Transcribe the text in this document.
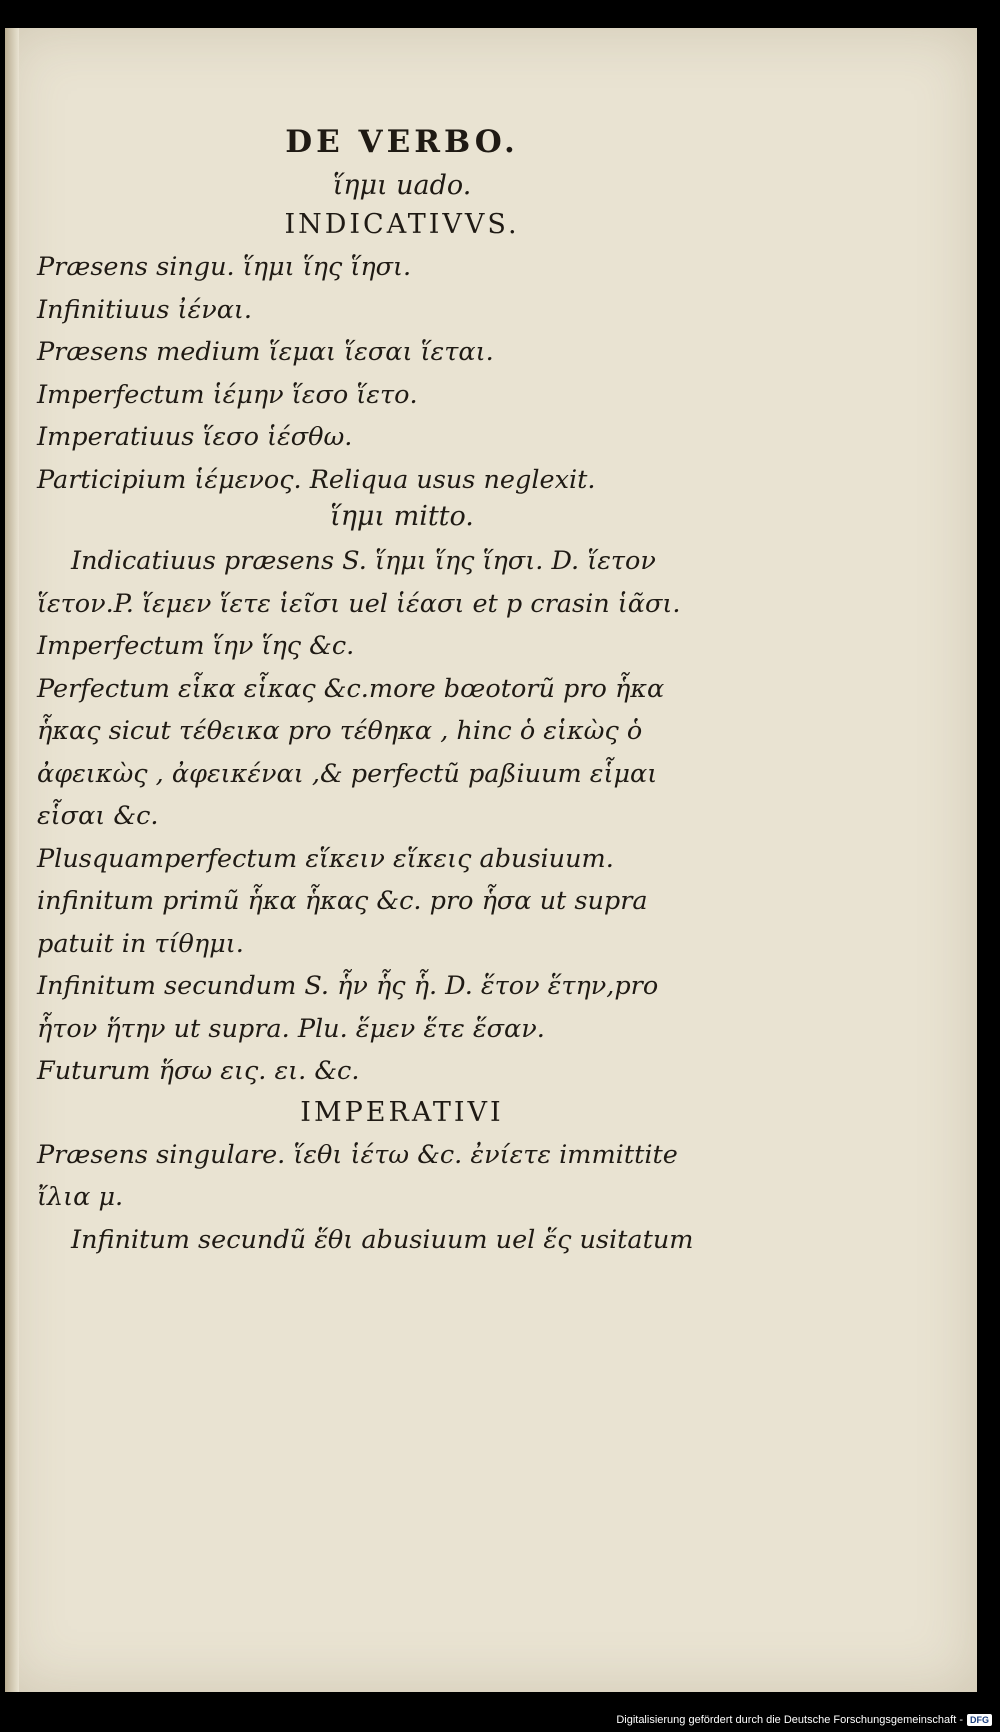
DE VERBO.
ἵημι uado.
INDICATIVVS.
Præsens singu. ἵημι ἵης ἵησι.
Infinitiuus ἰέναι.
Præsens medium ἵεμαι ἵεσαι ἵεται.
Imperfectum ἱέμην ἵεσο ἵετο.
Imperatiuus ἵεσο ἱέσθω.
Participium ἱέμενος. Reliqua usus neglexit.
ἵημι mitto.
Indicatiuus præsens S. ἵημι ἵης ἵησι. D. ἵετον
ἵετον.P. ἵεμεν ἵετε ἱεῖσι uel ἱέασι et p crasin ἱᾶσι.
Imperfectum ἵην ἵης &c.
Perfectum εἷκα εἷκας &c.more bœotorũ pro ἧκα
ἧκας sicut τέθεικα pro τέθηκα , hinc ὁ εἱκὼς ὁ
ἀφεικὼς , ἀφεικέναι ,& perfectũ paßiuum εἷμαι
εἷσαι &c.
Plusquamperfectum εἵκειν εἵκεις abusiuum.
infinitum primũ ἧκα ἧκας &c. pro ἧσα ut supra
patuit in τίθημι.
Infinitum secundum S. ἧν ἧς ἧ. D. ἕτον ἕτην,pro
ἧτον ἥτην ut supra. Plu. ἕμεν ἕτε ἕσαν.
Futurum ἥσω εις. ει. &c.
IMPERATIVI
Præsens singulare. ἵεθι ἱέτω &c. ἐνίετε immittite
ἴλια μ.
Infinitum secundũ ἕθι abusiuum uel ἕς usitatum
Digitalisierung gefördert durch die Deutsche Forschungsgemeinschaft - DFG
